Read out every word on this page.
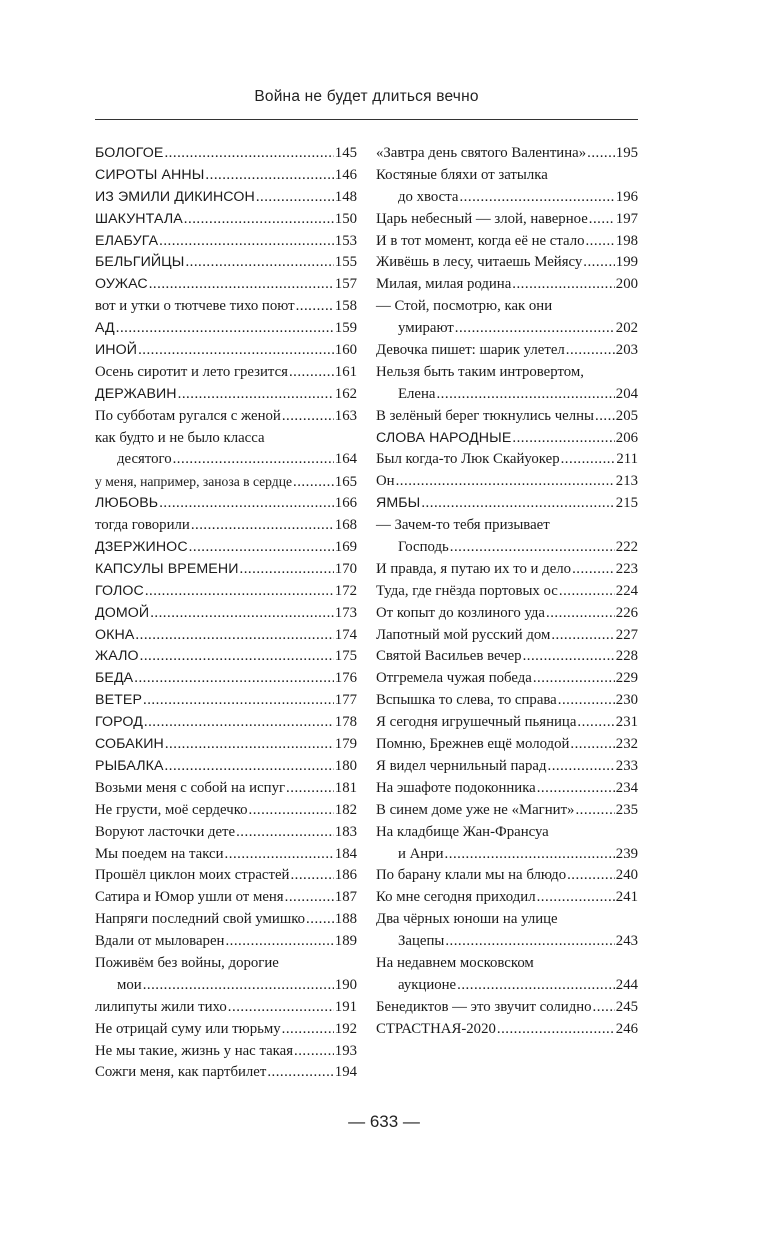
Война не будет длиться вечно
БОЛОГОЕ .....	145
СИРОТЫ АННЫ .....	146
ИЗ ЭМИЛИ ДИКИНСОН .....	148
ШАКУНТАЛА .....	150
ЕЛАБУГА .....	153
БЕЛЬГИЙЦЫ .....	155
ОУЖАС .....	157
вот и утки о тютчеве тихо поют .....	158
АД .....	159
ИНОЙ .....	160
Осень сиротит и лето грезится .....	161
ДЕРЖАВИН .....	162
По субботам ругался с женой .....	163
как будто и не было класса
десятого .....	164
у меня, например, заноза в сердце .....	165
ЛЮБОВЬ .....	166
тогда говорили .....	168
ДЗЕРЖИНОС .....	169
КАПСУЛЫ ВРЕМЕНИ .....	170
ГОЛОС .....	172
ДОМОЙ .....	173
ОКНА .....	174
ЖАЛО .....	175
БЕДА .....	176
ВЕТЕР .....	177
ГОРОД .....	178
СОБАКИН .....	179
РЫБАЛКА .....	180
Возьми меня с собой на испуг .....	181
Не грусти, моё сердечко .....	182
Воруют ласточки дете .....	183
Мы поедем на такси .....	184
Прошёл циклон моих страстей .....	186
Сатира и Юмор ушли от меня .....	187
Напряги последний свой умишко ..... 188
Вдали от мыловарен .....	189
Поживём без войны, дорогие
мои .....	190
лилипуты жили тихо .....	191
Не отрицай суму или тюрьму .....	192
Не мы такие, жизнь у нас такая .....	193
Сожги меня, как партбилет .....	194
«Завтра день святого Валентина» ..... 195
Костяные бляхи от затылка
до хвоста .....	196
Царь небесный — злой, наверное ..... 197
И в тот момент, когда её не стало ..... 198
Живёшь в лесу, читаешь Мейясу ..... 199
Милая, милая родина .....	200
— Стой, посмотрю, как они
умирают .....	202
Девочка пишет: шарик улетел .....	203
Нельзя быть таким интровертом,
Елена .....	204
В зелёный берег тюкнулись челны ..... 205
СЛОВА НАРОДНЫЕ .....	206
Был когда-то Люк Скайуокер .....	211
Он .....	213
ЯМБЫ .....	215
— Зачем-то тебя призывает
Господь .....	222
И правда, я путаю их то и дело .....	223
Туда, где гнёзда портовых ос .....	224
От копыт до козлиного уда .....	226
Лапотный мой русский дом .....	227
Святой Васильев вечер .....	228
Отгремела чужая победа .....	229
Вспышка то слева, то справа .....	230
Я сегодня игрушечный пьяница .....	231
Помню, Брежнев ещё молодой .....	232
Я видел чернильный парад .....	233
На эшафоте подоконника .....	234
В синем доме уже не «Магнит» .....	235
На кладбище Жан-Франсуа
и Анри .....	239
По барану клали мы на блюдо .....	240
Ко мне сегодня приходил .....	241
Два чёрных юноши на улице
Зацепы .....	243
На недавнем московском
аукционе .....	244
Бенедиктов — это звучит солидно ..... 245
СТРАСТНАЯ-2020 .....	246
— 633 —
